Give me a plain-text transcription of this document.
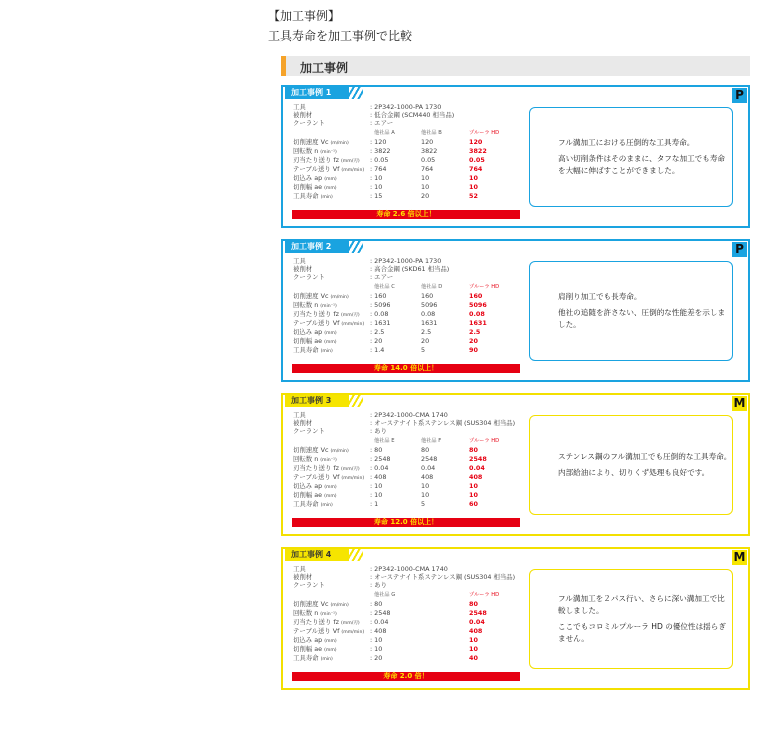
【加工事例】
工具寿命を加工事例で比較
加工事例
加工事例 1	P
工具	: 2P342-1000-PA 1730
被削材	: 低合金鋼 (SCM440 相当品)
クーラント	: エアー
他社品 A	他社品 B	プルーラ HD
切削速度 Vc (m/min)	: 120	120	120
回転数 n (min⁻¹)	: 3822	3822	3822
刃当たり送り fz (mm/刃) : 0.05	0.05	0.05
テーブル送り Vf (mm/min) : 764	764	764
切込み ap (mm)	: 10	10	10
切削幅 ae (mm)	: 10	10	10
工具寿命 (min)	: 15	20	52
寿命 2.6 倍以上！

フル溝加工における圧倒的な工具寿命。

高い切削条件はそのままに、タフな加工でも寿命を大幅に伸ばすことができました。

加工事例 2	P
工具	: 2P342-1000-PA 1730
被削材	: 高合金鋼 (SKD61 相当品)
クーラント	: エアー
他社品 C	他社品 D	プルーラ HD
切削速度 Vc (m/min)	: 160	160	160
回転数 n (min⁻¹)	: 5096	5096	5096
刃当たり送り fz (mm/刃) : 0.08	0.08	0.08
テーブル送り Vf (mm/min) : 1631	1631	1631
切込み ap (mm)	: 2.5	2.5	2.5
切削幅 ae (mm)	: 20	20	20
工具寿命 (min)	: 1.4	5	90
寿命 14.0 倍以上！

肩削り加工でも長寿命。

他社の追随を許さない、圧倒的な性能差を示しました。

加工事例 3	M
工具	: 2P342-1000-CMA 1740
被削材	: オーステナイト系ステンレス鋼 (SUS304 相当品)
クーラント	: あり
他社品 E	他社品 F	プルーラ HD
切削速度 Vc (m/min)	: 80	80	80
回転数 n (min⁻¹)	: 2548	2548	2548
刃当たり送り fz (mm/刃) : 0.04	0.04	0.04
テーブル送り Vf (mm/min) : 408	408	408
切込み ap (mm)	: 10	10	10
切削幅 ae (mm)	: 10	10	10
工具寿命 (min)	: 1	5	60
寿命 12.0 倍以上！

ステンレス鋼のフル溝加工でも圧倒的な工具寿命。

内部給油により、切りくず処理も良好です。

加工事例 4	M
工具	: 2P342-1000-CMA 1740
被削材	: オーステナイト系ステンレス鋼 (SUS304 相当品)
クーラント	: あり
他社品 G	プルーラ HD
切削速度 Vc (m/min)	: 80	80
回転数 n (min⁻¹)	: 2548	2548
刃当たり送り fz (mm/刃) : 0.04	0.04
テーブル送り Vf (mm/min) : 408	408
切込み ap (mm)	: 10	10
切削幅 ae (mm)	: 10	10
工具寿命 (min)	: 20	40
寿命 2.0 倍！

フル溝加工を２パス行い、さらに深い溝加工で比較しました。

ここでもコロミルプルーラ HD の優位性は揺らぎません。
